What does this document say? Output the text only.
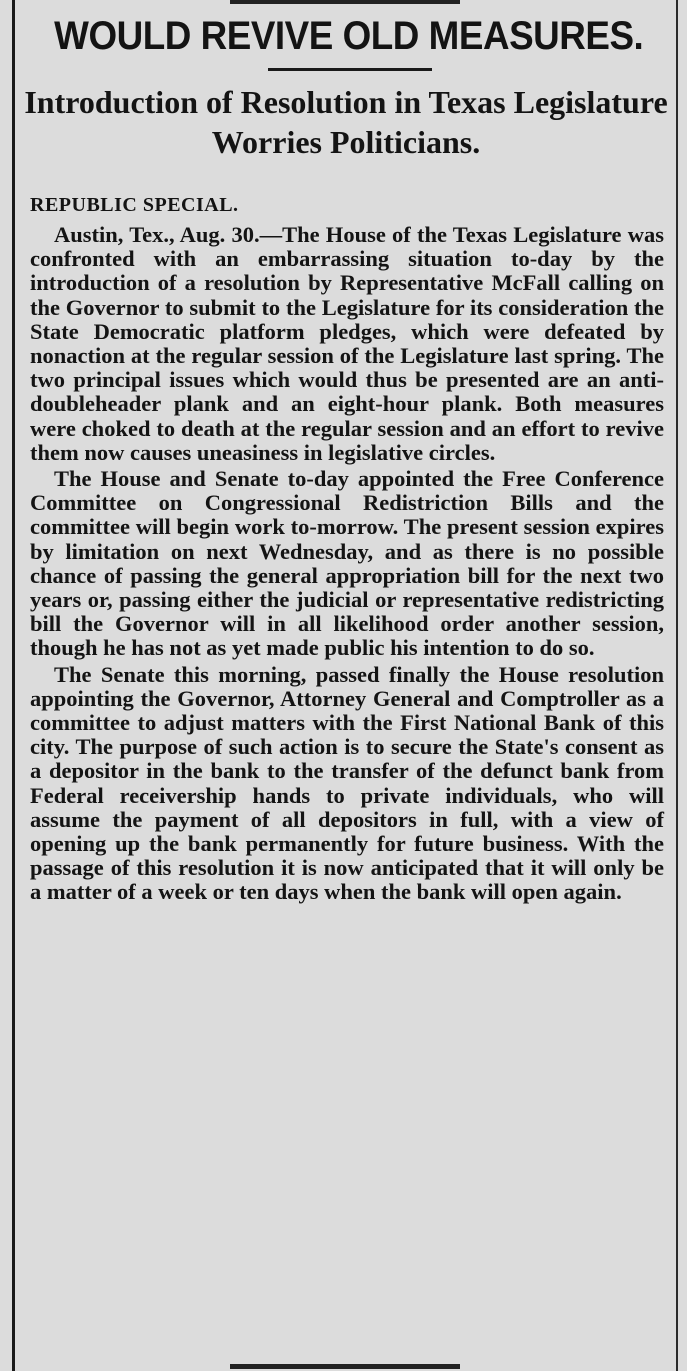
WOULD REVIVE OLD MEASURES.
Introduction of Resolution in Texas Legislature Worries Politicians.

REPUBLIC SPECIAL.

Austin, Tex., Aug. 30.—The House of the Texas Legislature was confronted with an embarrassing situation to-day by the introduction of a resolution by Representative McFall calling on the Governor to submit to the Legislature for its consideration the State Democratic platform pledges, which were defeated by nonaction at the regular session of the Legislature last spring. The two principal issues which would thus be presented are an anti-doubleheader plank and an eight-hour plank. Both measures were choked to death at the regular session and an effort to revive them now causes uneasiness in legislative circles.

The House and Senate to-day appointed the Free Conference Committee on Congressional Redistriction Bills and the committee will begin work to-morrow. The present session expires by limitation on next Wednesday, and as there is no possible chance of passing the general appropriation bill for the next two years or, passing either the judicial or representative redistricting bill the Governor will in all likelihood order another session, though he has not as yet made public his intention to do so.

The Senate this morning, passed finally the House resolution appointing the Governor, Attorney General and Comptroller as a committee to adjust matters with the First National Bank of this city. The purpose of such action is to secure the State's consent as a depositor in the bank to the transfer of the defunct bank from Federal receivership hands to private individuals, who will assume the payment of all depositors in full, with a view of opening up the bank permanently for future business. With the passage of this resolution it is now anticipated that it will only be a matter of a week or ten days when the bank will open again.
